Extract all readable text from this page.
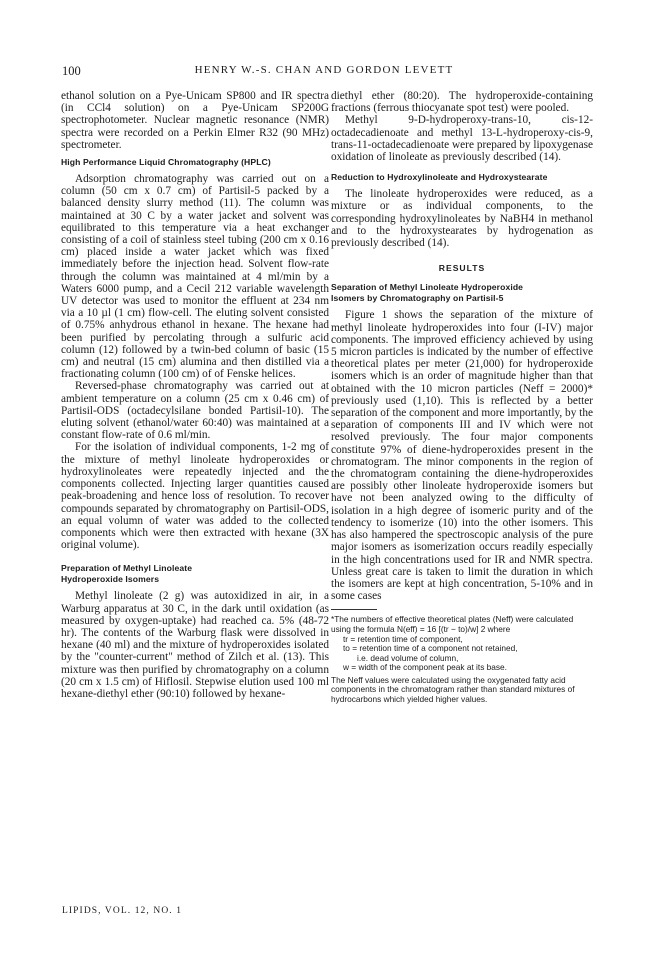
100	HENRY W.-S. CHAN AND GORDON LEVETT

ethanol solution on a Pye-Unicam SP800 and IR spectra (in CCl4 solution) on a Pye-Unicam SP200G spectrophotometer. Nuclear magnetic resonance (NMR) spectra were recorded on a Perkin Elmer R32 (90 MHz) spectrometer.

High Performance Liquid Chromatography (HPLC)

Adsorption chromatography was carried out on a column (50 cm x 0.7 cm) of Partisil-5 packed by a balanced density slurry method (11). The column was maintained at 30 C by a water jacket and solvent was equilibrated to this temperature via a heat exchanger consisting of a coil of stainless steel tubing (200 cm x 0.16 cm) placed inside a water jacket which was fixed immediately before the injection head. Solvent flow-rate through the column was maintained at 4 ml/min by a Waters 6000 pump, and a Cecil 212 variable wavelength UV detector was used to monitor the effluent at 234 nm via a 10 µl (1 cm) flow-cell. The eluting solvent consisted of 0.75% anhydrous ethanol in hexane. The hexane had been purified by percolating through a sulfuric acid column (12) followed by a twin-bed column of basic (15 cm) and neutral (15 cm) alumina and then distilled via a fractionating column (100 cm) of of Fenske helices.

Reversed-phase chromatography was carried out at ambient temperature on a column (25 cm x 0.46 cm) of Partisil-ODS (octadecylsilane bonded Partisil-10). The eluting solvent (ethanol/water 60:40) was maintained at a constant flow-rate of 0.6 ml/min.

For the isolation of individual components, 1-2 mg of the mixture of methyl linoleate hydroperoxides or hydroxylinoleates were repeatedly injected and the components collected. Injecting larger quantities caused peak-broadening and hence loss of resolution. To recover compounds separated by chromatography on Partisil-ODS, an equal volumn of water was added to the collected components which were then extracted with hexane (3X original volume).

Preparation of Methyl Linoleate
Hydroperoxide Isomers

Methyl linoleate (2 g) was autoxidized in air, in a Warburg apparatus at 30 C, in the dark until oxidation (as measured by oxygen-uptake) had reached ca. 5% (48-72 hr). The contents of the Warburg flask were dissolved in hexane (40 ml) and the mixture of hydroperoxides isolated by the "counter-current" method of Zilch et al. (13). This mixture was then purified by chromatography on a column (20 cm x 1.5 cm) of Hiflosil. Stepwise elution used 100 ml hexane-diethyl ether (90:10) followed by hexane-

diethyl ether (80:20). The hydroperoxide-containing fractions (ferrous thiocyanate spot test) were pooled.

Methyl 9-D-hydroperoxy-trans-10, cis-12-octadecadienoate and methyl 13-L-hydroperoxy-cis-9, trans-11-octadecadienoate were prepared by lipoxygenase oxidation of linoleate as previously described (14).

Reduction to Hydroxylinoleate and Hydroxystearate

The linoleate hydroperoxides were reduced, as a mixture or as individual components, to the corresponding hydroxylinoleates by NaBH4 in methanol and to the hydroxystearates by hydrogenation as previously described (14).

RESULTS
Separation of Methyl Linoleate Hydroperoxide
Isomers by Chromatography on Partisil-5

Figure 1 shows the separation of the mixture of methyl linoleate hydroperoxides into four (I-IV) major components. The improved efficiency achieved by using 5 micron particles is indicated by the number of effective theoretical plates per meter (21,000) for hydroperoxide isomers which is an order of magnitude higher than that obtained with the 10 micron particles (Neff = 2000)* previously used (1,10). This is reflected by a better separation of the component and more importantly, by the separation of components III and IV which were not resolved previously. The four major components constitute 97% of diene-hydroperoxides present in the chromatogram. The minor components in the region of the chromatogram containing the diene-hydroperoxides are possibly other linoleate hydroperoxide isomers but have not been analyzed owing to the difficulty of isolation in a high degree of isomeric purity and of the tendency to isomerize (10) into the other isomers. This has also hampered the spectroscopic analysis of the pure major isomers as isomerization occurs readily especially in the high concentrations used for IR and NMR spectra. Unless great care is taken to limit the duration in which the isomers are kept at high concentration, 5-10% and in some cases

*The numbers of effective theoretical plates (Neff) were calculated using the formula N(eff) = 16 [(tr − to)/w] 2 where

tr = retention time of component,

to = retention time of a component not retained,

i.e. dead volume of column,

w = width of the component peak at its base.

The Neff values were calculated using the oxygenated fatty acid components in the chromatogram rather than standard mixtures of hydrocarbons which yielded higher values.

LIPIDS, VOL. 12, NO. 1
